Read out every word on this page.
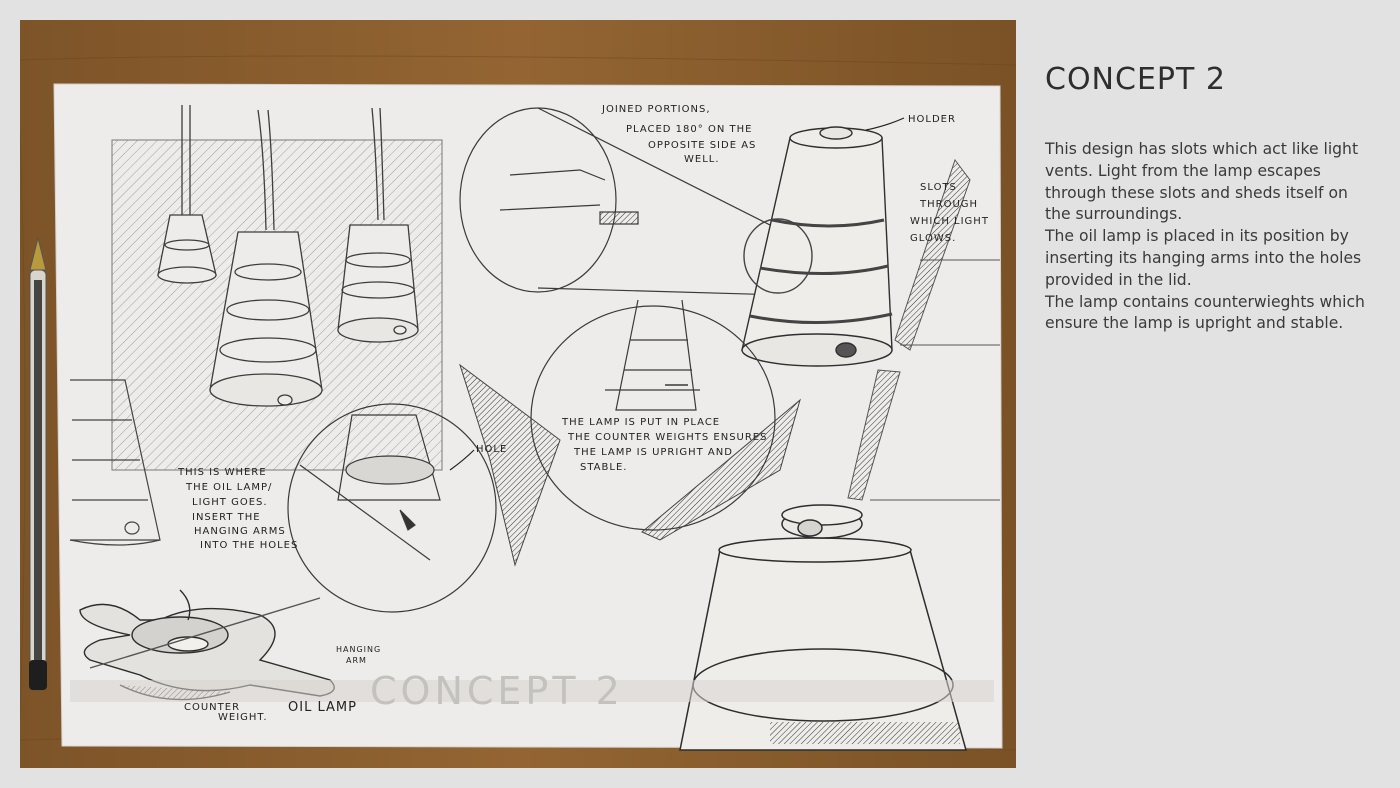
JOINED PORTIONS,
PLACED 180° ON THE
OPPOSITE SIDE AS
WELL.
HOLDER
SLOTS
THROUGH
WHICH LIGHT
GLOWS.
HOLE
THIS IS WHERE
THE OIL LAMP/
LIGHT GOES.
INSERT THE
HANGING ARMS
INTO THE HOLES
THE LAMP IS PUT IN PLACE
THE COUNTER WEIGHTS ENSURES
THE LAMP IS UPRIGHT AND
STABLE.
HANGING
ARM
COUNTER
WEIGHT.
OIL LAMP CONCEPT 2
CONCEPT 2

This design has slots which act like light vents. Light from the lamp escapes through these slots and sheds itself on the surroundings.

The oil lamp is placed in its position by inserting its hanging arms into the holes provided in the lid.

The lamp contains counterwieghts which ensure the lamp is upright and stable.
